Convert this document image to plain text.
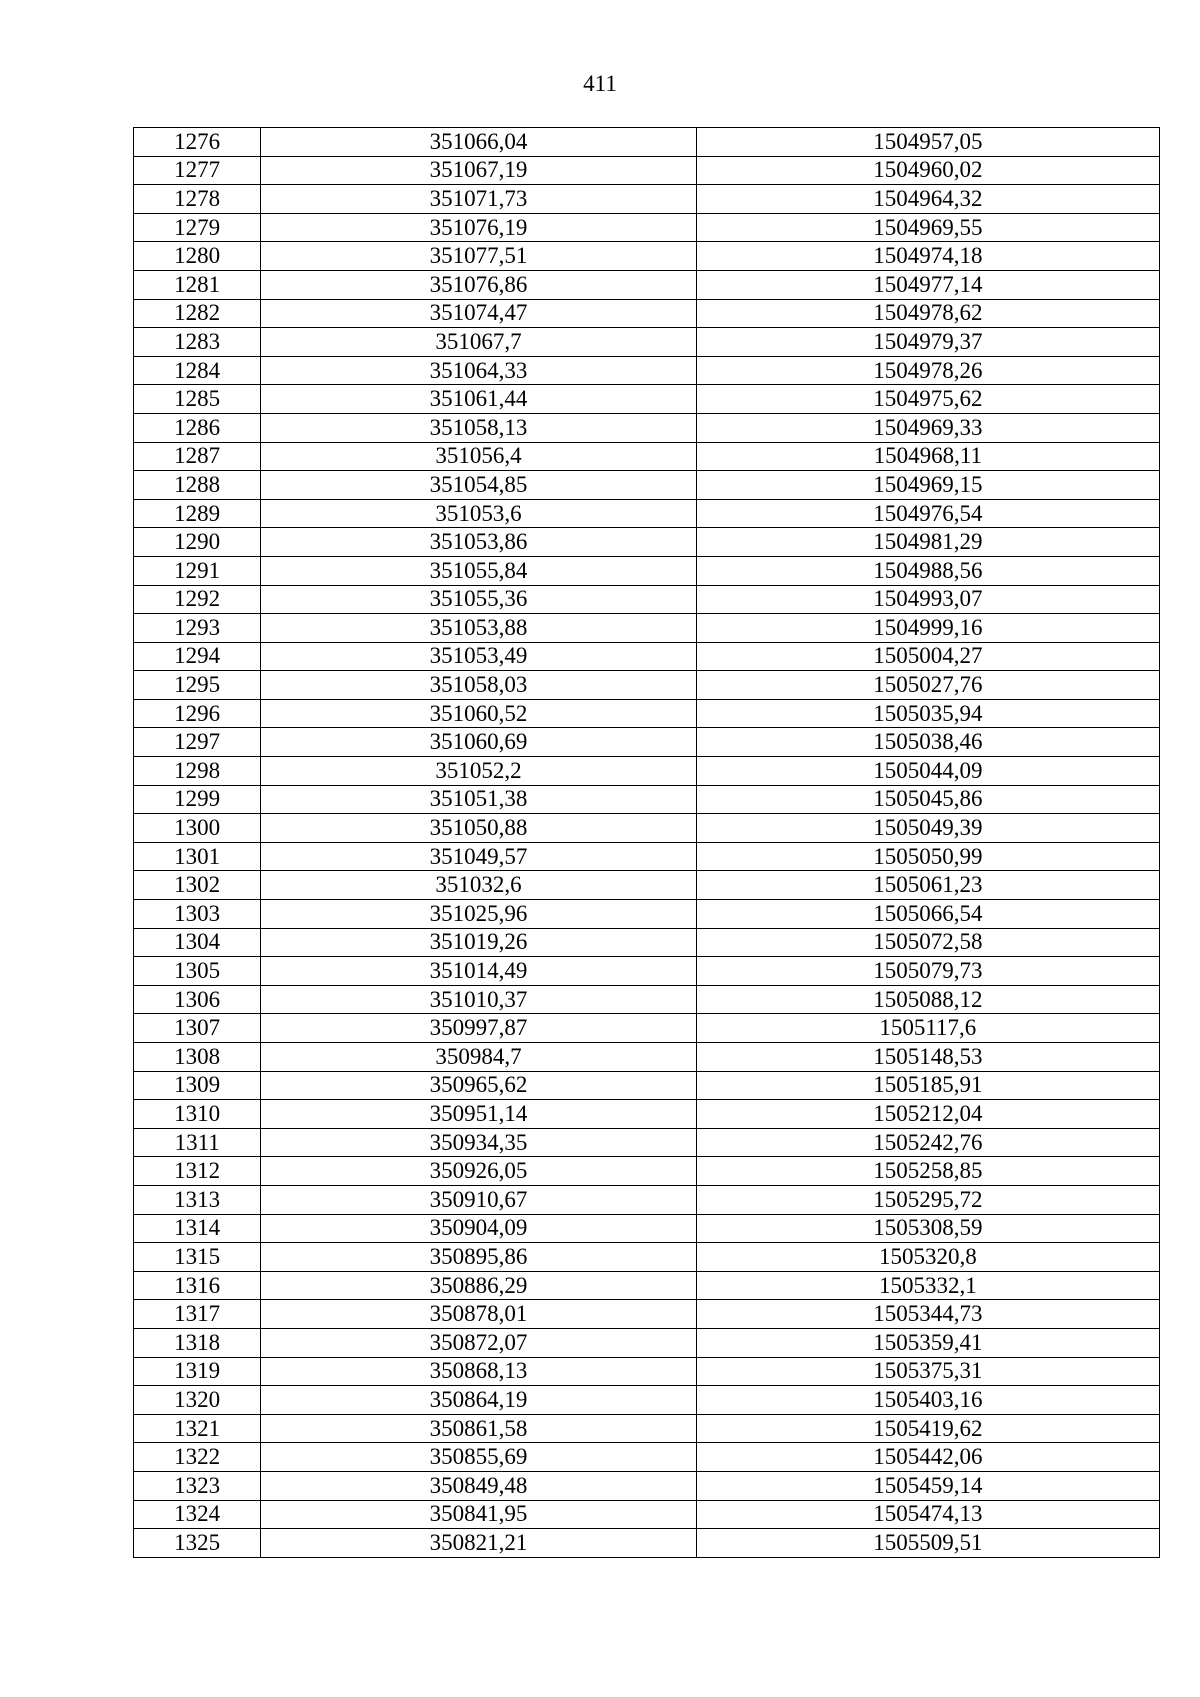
411
1276	351066,04	1504957,05
1277	351067,19	1504960,02
1278	351071,73	1504964,32
1279	351076,19	1504969,55
1280	351077,51	1504974,18
1281	351076,86	1504977,14
1282	351074,47	1504978,62
1283	351067,7	1504979,37
1284	351064,33	1504978,26
1285	351061,44	1504975,62
1286	351058,13	1504969,33
1287	351056,4	1504968,11
1288	351054,85	1504969,15
1289	351053,6	1504976,54
1290	351053,86	1504981,29
1291	351055,84	1504988,56
1292	351055,36	1504993,07
1293	351053,88	1504999,16
1294	351053,49	1505004,27
1295	351058,03	1505027,76
1296	351060,52	1505035,94
1297	351060,69	1505038,46
1298	351052,2	1505044,09
1299	351051,38	1505045,86
1300	351050,88	1505049,39
1301	351049,57	1505050,99
1302	351032,6	1505061,23
1303	351025,96	1505066,54
1304	351019,26	1505072,58
1305	351014,49	1505079,73
1306	351010,37	1505088,12
1307	350997,87	1505117,6
1308	350984,7	1505148,53
1309	350965,62	1505185,91
1310	350951,14	1505212,04
1311	350934,35	1505242,76
1312	350926,05	1505258,85
1313	350910,67	1505295,72
1314	350904,09	1505308,59
1315	350895,86	1505320,8
1316	350886,29	1505332,1
1317	350878,01	1505344,73
1318	350872,07	1505359,41
1319	350868,13	1505375,31
1320	350864,19	1505403,16
1321	350861,58	1505419,62
1322	350855,69	1505442,06
1323	350849,48	1505459,14
1324	350841,95	1505474,13
1325	350821,21	1505509,51
